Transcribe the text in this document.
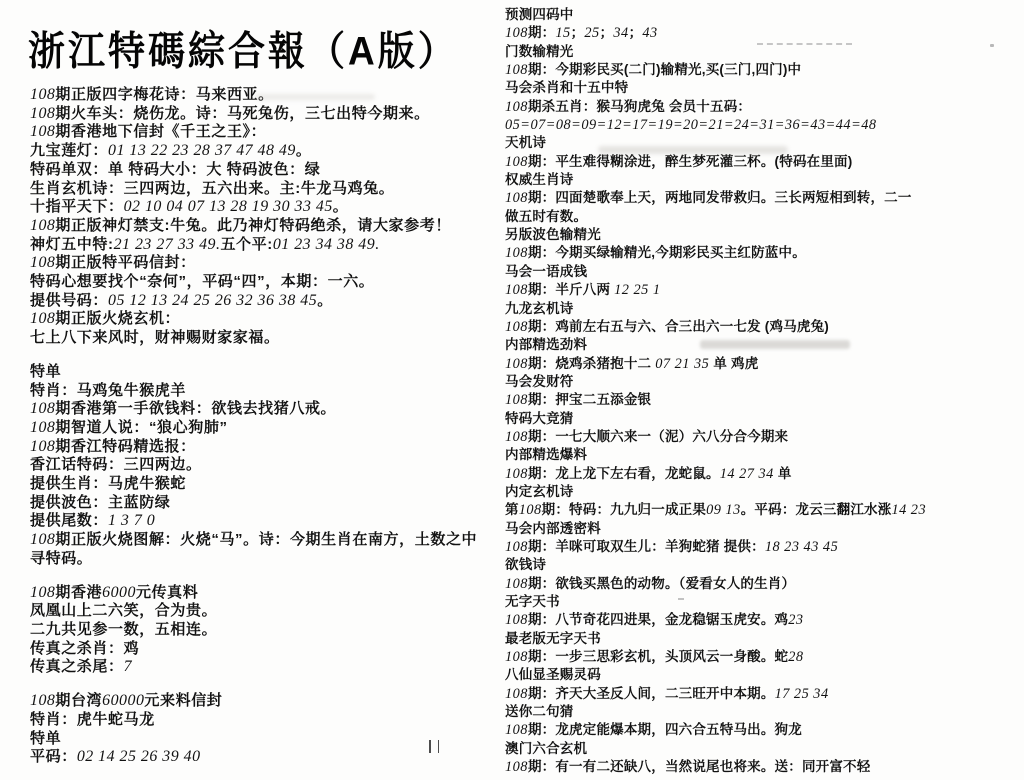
浙江特碼綜合報（A版）
108期正版四字梅花诗：马来西亚。
108期火车头：烧伤龙。诗：马死兔伤，三七出特今期来。
108期香港地下信封《千王之王》：
九宝莲灯：01 13 22 23 28 37 47 48 49。
特码单双：单 特码大小：大 特码波色：绿
生肖玄机诗：三四两边，五六出来。主:牛龙马鸡兔。
十指平天下：02 10 04 07 13 28 19 30 33 45。
108期正版神灯禁支:牛兔。此乃神灯特码绝杀，请大家参考！
神灯五中特:21 23 27 33 49.五个平:01 23 34 38 49.
108期正版特平码信封：
特码心想要找个“奈何”，平码“四”，本期：一六。
提供号码：05 12 13 24 25 26 32 36 38 45。
108期正版火烧玄机：
七上八下来风时，财神赐财家家福。
特单
特肖：马鸡兔牛猴虎羊
108期香港第一手欲钱料：欲钱去找猪八戒。
108期智道人说：“狼心狗肺”
108期香江特码精选报：
香江话特码：三四两边。
提供生肖：马虎牛猴蛇
提供波色：主蓝防绿
提供尾数：1 3 7 0
108期正版火烧图解：火烧“马”。诗：今期生肖在南方，土数之中
寻特码。
108期香港6000元传真料
凤凰山上二六笑，合为贵。
二九共见参一数，五相连。
传真之杀肖：鸡
传真之杀尾：7
108期台湾60000元来料信封
特肖：虎牛蛇马龙
特单
平码：02 14 25 26 39 40
预测四码中
108期：15；25；34；43
门数输精光
108期：今期彩民买(二门)输精光,买(三门,四门)中
马会杀肖和十五中特
108期杀五肖：猴马狗虎兔 会员十五码：
05=07=08=09=12=17=19=20=21=24=31=36=43=44=48
天机诗
108期：平生难得糊涂进，醉生梦死灌三杯。(特码在里面)
权威生肖诗
108期：四面楚歌奉上天，两地同发带救归。三长两短相到转，二一
做五时有数。
另版波色输精光
108期：今期买绿输精光,今期彩民买主红防蓝中。
马会一语成钱
108期：半斤八两 12 25 1
九龙玄机诗
108期：鸡前左右五与六、合三出六一七发 (鸡马虎兔)
内部精选劲料
108期：烧鸡杀猪抱十二 07 21 35 单 鸡虎
马会发财符
108期：押宝二五添金银
特码大竞猜
108期：一七大顺六来一（泥）六八分合今期来
内部精选爆料
108期：龙上龙下左右看，龙蛇鼠。14 27 34 单
内定玄机诗
第108期：特码：九九归一成正果09 13。平码：龙云三翻江水涨14 23
马会内部透密料
108期：羊咪可取双生儿：羊狗蛇猪 提供：18 23 43 45
欲钱诗
108期：欲钱买黑色的动物。（爱看女人的生肖）
无字天书
108期：八节奇花四进果，金龙稳锯玉虎安。鸡23
最老版无字天书
108期：一步三思彩玄机，头顶风云一身酸。蛇28
八仙显圣赐灵码
108期：齐天大圣反人间，二三旺开中本期。17 25 34
送你二句猜
108期：龙虎定能爆本期，四六合五特马出。狗龙
澳门六合玄机
108期：有一有二还缺八，当然说尾也将来。送：同开富不轻
